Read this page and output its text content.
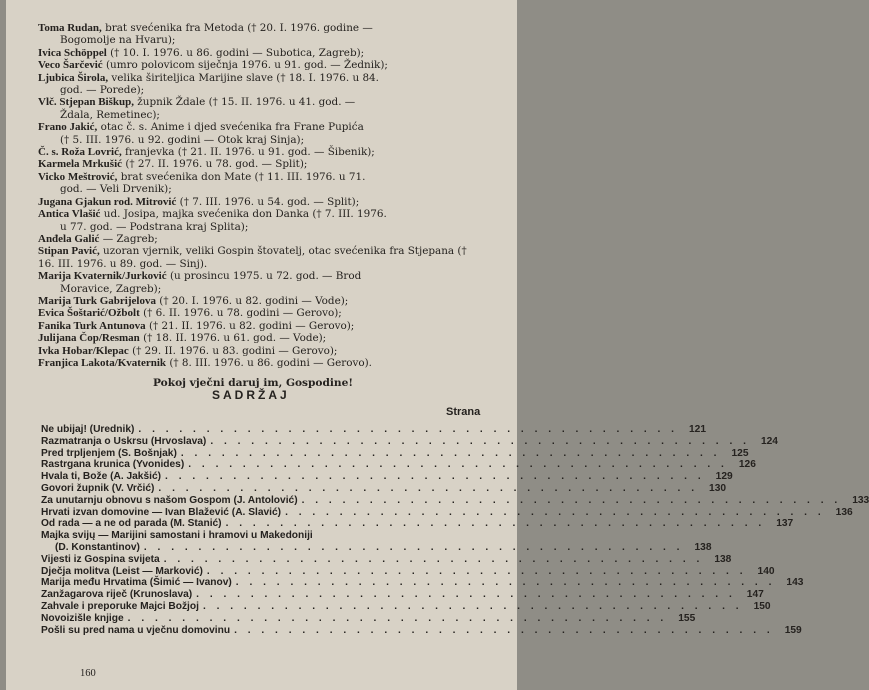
Toma Rudan, brat svećenika fra Metoda († 20. I. 1976. godine —
Bogomolje na Hvaru);
Ivica Schöppel († 10. I. 1976. u 86. godini — Subotica, Zagreb);
Veco Šarčević (umro polovicom siječnja 1976. u 91. god. — Žednik);
Ljubica Širola, velika širiteljica Marijine slave († 18. I. 1976. u 84.
god. — Porede);
Vlč. Stjepan Biškup, župnik Ždale († 15. II. 1976. u 41. god. —
Ždala, Remetinec);
Frano Jakić, otac č. s. Anime i djed svećenika fra Frane Pupića
(† 5. III. 1976. u 92. godini — Otok kraj Sinja);
Č. s. Roža Lovrić, franjevka († 21. II. 1976. u 91. god. — Šibenik);
Karmela Mrkušić († 27. II. 1976. u 78. god. — Split);
Vicko Meštrović, brat svećenika don Mate († 11. III. 1976. u 71.
god. — Veli Drvenik);
Jugana Gjakun rod. Mitrović († 7. III. 1976. u 54. god. — Split);
Antica Vlašić ud. Josipa, majka svećenika don Danka († 7. III. 1976.
u 77. god. — Podstrana kraj Splita);
Anđela Galić — Zagreb;
Stipan Pavić, uzoran vjernik, veliki Gospin štovatelj, otac svećenika fra Stjepana († 16. III. 1976. u 89. god. — Sinj).
Marija Kvaternik/Jurković (u prosincu 1975. u 72. god. — Brod
Moravice, Zagreb);
Marija Turk Gabrijelova († 20. I. 1976. u 82. godini — Vode);
Evica Šoštarić/Ožbolt († 6. II. 1976. u 78. godini — Gerovo);
Fanika Turk Antunova († 21. II. 1976. u 82. godini — Gerovo);
Julijana Čop/Resman († 18. II. 1976. u 61. god. — Vode);
Ivka Hobar/Klepac († 29. II. 1976. u 83. godini — Gerovo);
Franjica Lakota/Kvaternik († 8. III. 1976. u 86. godini — Gerovo).
Pokoj vječni daruj im, Gospodine!
SADRŽAJ
Strana
Ne ubijaj! (Urednik) . . . . . . . . . . . . . . . . . . . . . . . . . . . . . . . . . . . . . . . .	121
Razmatranja o Uskrsu (Hrvoslava) . . . . . . . . . . . . . . . . . . . . . . . . . . . . . . . . . . . . . . . .	124
Pred trpljenjem (S. Bošnjak) . . . . . . . . . . . . . . . . . . . . . . . . . . . . . . . . . . . . . . . .	125
Rastrgana krunica (Yvonides) . . . . . . . . . . . . . . . . . . . . . . . . . . . . . . . . . . . . . . . .	126
Hvala ti, Bože (A. Jakšić) . . . . . . . . . . . . . . . . . . . . . . . . . . . . . . . . . . . . . . . .	129
Govori župnik (V. Vrčić) . . . . . . . . . . . . . . . . . . . . . . . . . . . . . . . . . . . . . . . .	130
Za unutarnju obnovu s našom Gospom (J. Antolović) . . . . . . . . . . . . . . . . . . . . . . . . . . . . . . . . . . . . . . . .	133
Hrvati izvan domovine — Ivan Blažević (A. Slavić) . . . . . . . . . . . . . . . . . . . . . . . . . . . . . . . . . . . . . . . .	136
Od rada — a ne od parada (M. Stanić) . . . . . . . . . . . . . . . . . . . . . . . . . . . . . . . . . . . . . . . .	137
Majka svijų — Marijini samostani i hramovi u Makedoniji
(D. Konstantinov) . . . . . . . . . . . . . . . . . . . . . . . . . . . . . . . . . . . . . . . .	138
Vijesti iz Gospina svijeta . . . . . . . . . . . . . . . . . . . . . . . . . . . . . . . . . . . . . . . .	138
Dječja molitva (Leist — Marković) . . . . . . . . . . . . . . . . . . . . . . . . . . . . . . . . . . . . . . . .	140
Marija među Hrvatima (Šimić — Ivanov) . . . . . . . . . . . . . . . . . . . . . . . . . . . . . . . . . . . . . . . .	143
Zanžagarova riječ (Krunoslava) . . . . . . . . . . . . . . . . . . . . . . . . . . . . . . . . . . . . . . . .	147
Zahvale i preporuke Majci Božjoj . . . . . . . . . . . . . . . . . . . . . . . . . . . . . . . . . . . . . . . .	150
Novoizišle knjige . . . . . . . . . . . . . . . . . . . . . . . . . . . . . . . . . . . . . . . .	155
Pošli su pred nama u vječnu domovinu . . . . . . . . . . . . . . . . . . . . . . . . . . . . . . . . . . . . . . . .	159
160
